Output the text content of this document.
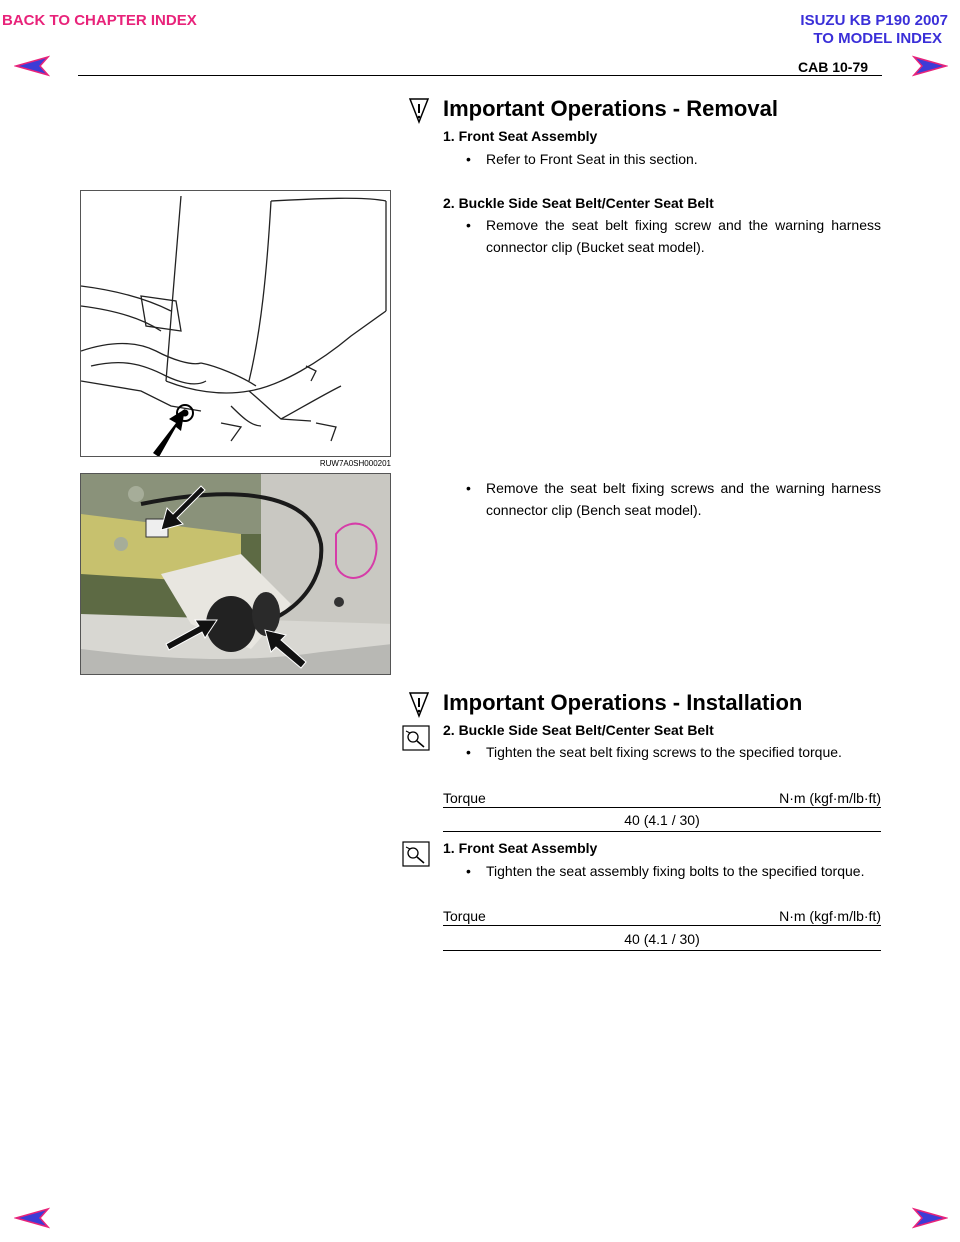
BACK TO CHAPTER INDEX	ISUZU KB P190 2007
TO MODEL INDEX
CAB 10-79
Important Operations - Removal
1. Front Seat Assembly
•	Refer to Front Seat in this section.
2. Buckle Side Seat Belt/Center Seat Belt
•	Remove the seat belt fixing screw and the warning harness connector clip (Bucket seat model).
•	Remove the seat belt fixing screws and the warning harness connector clip (Bench seat model).
RUW7A0SH000201
Important Operations - Installation
2. Buckle Side Seat Belt/Center Seat Belt
•	Tighten the seat belt fixing screws to the specified torque.
Torque	N·m (kgf·m/lb·ft)
40 (4.1 / 30)
1. Front Seat Assembly
•	Tighten the seat assembly fixing bolts to the specified torque.
Torque	N·m (kgf·m/lb·ft)
40 (4.1 / 30)
